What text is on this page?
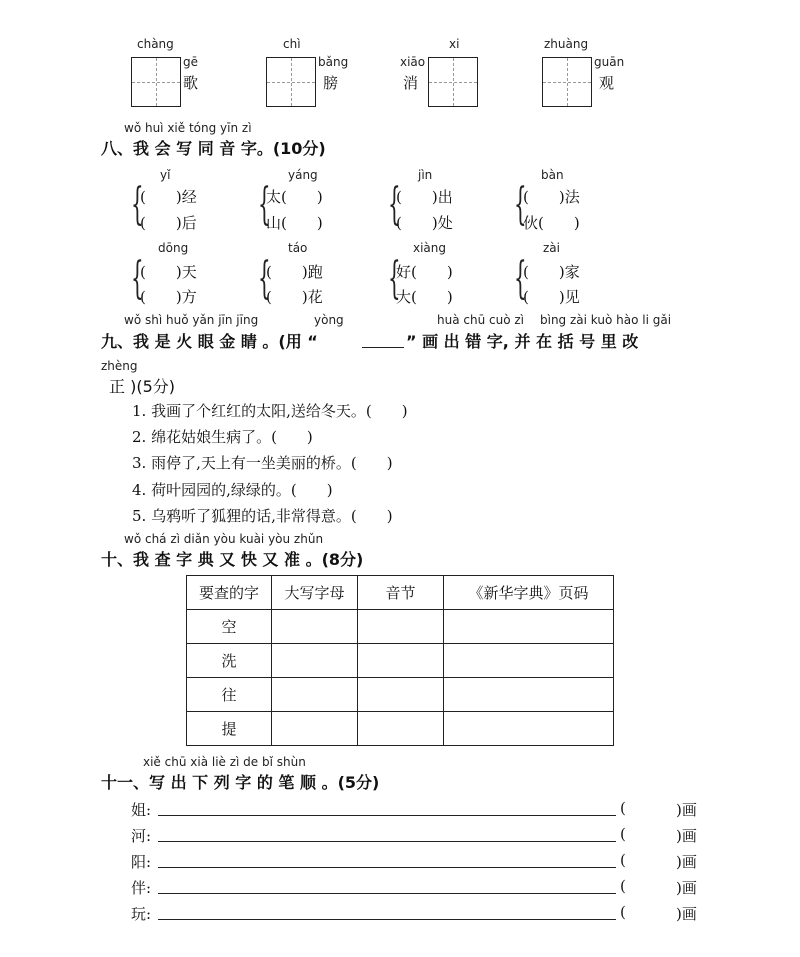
chàng
gē
歌
chì
bǎng
膀
xi
xiāo
消
zhuàng
guān
观
wǒ huì xiě tóng yīn zì
八、我 会 写 同 音 字。(10分)
yǐ
{
(　　)经
(　　)后
yáng
{
太(　　)
山(　　)
jìn
{
(　　)出
(　　)处
bàn
{
(　　)法
伙(　　)
dōng
{
(　　)天
(　　)方
táo
{
(　　)跑
(　　)花
xiàng
{
好(　　)
大(　　)
zài
{
(　　)家
(　　)见
wǒ shì huǒ yǎn jīn jīng	yòng	huà chū cuò zì bìng zài kuò hào li gǎi
九、我 是 火 眼 金 睛 。(用 “	” 画 出 错 字, 并 在 括 号 里 改
zhèng
正 )(5分)
1. 我画了个红红的太阳,送给冬天。(　　)
2. 绵花姑娘生病了。(　　)
3. 雨停了,天上有一坐美丽的桥。(　　)
4. 荷叶园园的,绿绿的。(　　)
5. 乌鸦听了狐狸的话,非常得意。(　　)
wǒ chá zì diǎn yòu kuài yòu zhǔn
十、我 查 字 典 又 快 又 准 。(8分)
要查的字	大写字母	音节	《新华字典》页码
空			
洗			
往			
提			
xiě chū xià liè zì de bǐ shùn
十一、写 出 下 列 字 的 笔 顺 。(5分)
姐:	(	)画
河:	(	)画
阳:	(	)画
伴:	(	)画
玩:	(	)画
